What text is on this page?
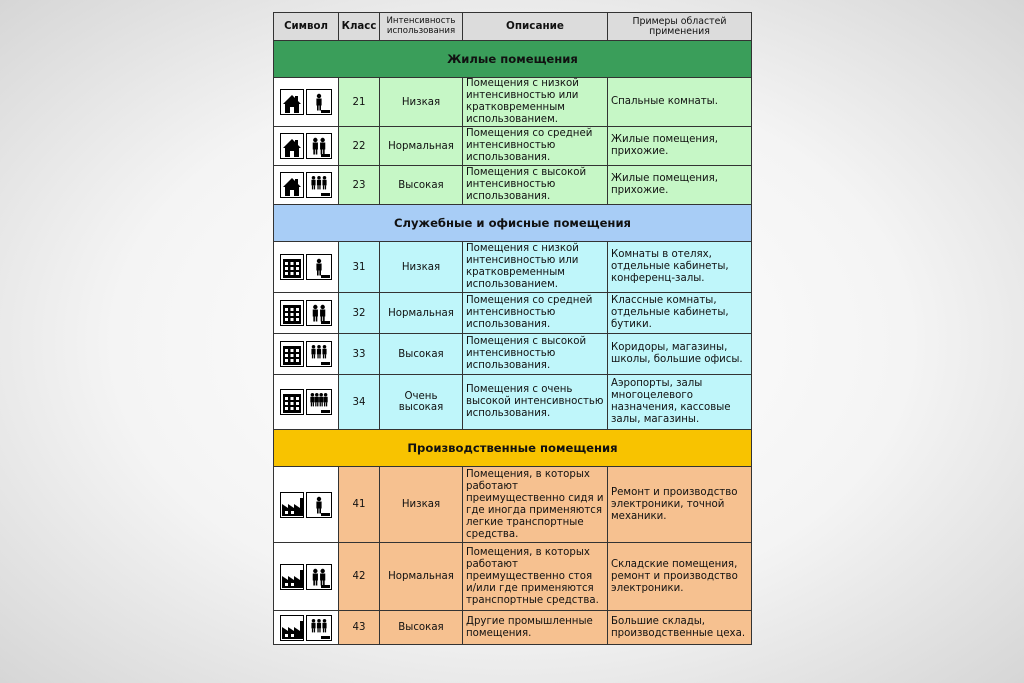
Символ	Класс	Интенсивность использования	Описание	Примеры областей применения
Жилые помещения				

	21	Низкая	Помещения с низкой интенсивностью или кратковременным использованием.	Спальные комнаты.

	22	Нормальная	Помещения со средней интенсивностью использования.	Жилые помещения, прихожие.

	23	Высокая	Помещения с высокой интенсивностью использования.	Жилые помещения, прихожие.
Служебные и офисные помещения				

	31	Низкая	Помещения с низкой интенсивностью или кратковременным использованием.	Комнаты в отелях, отдельные кабинеты, конференц-залы.

	32	Нормальная	Помещения со средней интенсивностью использования.	Классные комнаты, отдельные кабинеты, бутики.

	33	Высокая	Помещения с высокой интенсивностью использования.	Коридоры, магазины, школы, большие офисы.

	34	Очень высокая	Помещения с очень высокой интенсивностью использования.	Аэропорты, залы многоцелевого назначения, кассовые залы, магазины.
Производственные помещения				

	41	Низкая	Помещения, в которых работают преимущественно сидя и где иногда применяются легкие транспортные средства.	Ремонт и производство электроники, точной механики.

	42	Нормальная	Помещения, в которых работают преимущественно стоя и/или где применяются транспортные средства.	Складские помещения, ремонт и производство электроники.

	43	Высокая	Другие промышленные помещения.	Большие склады, производственные цеха.
